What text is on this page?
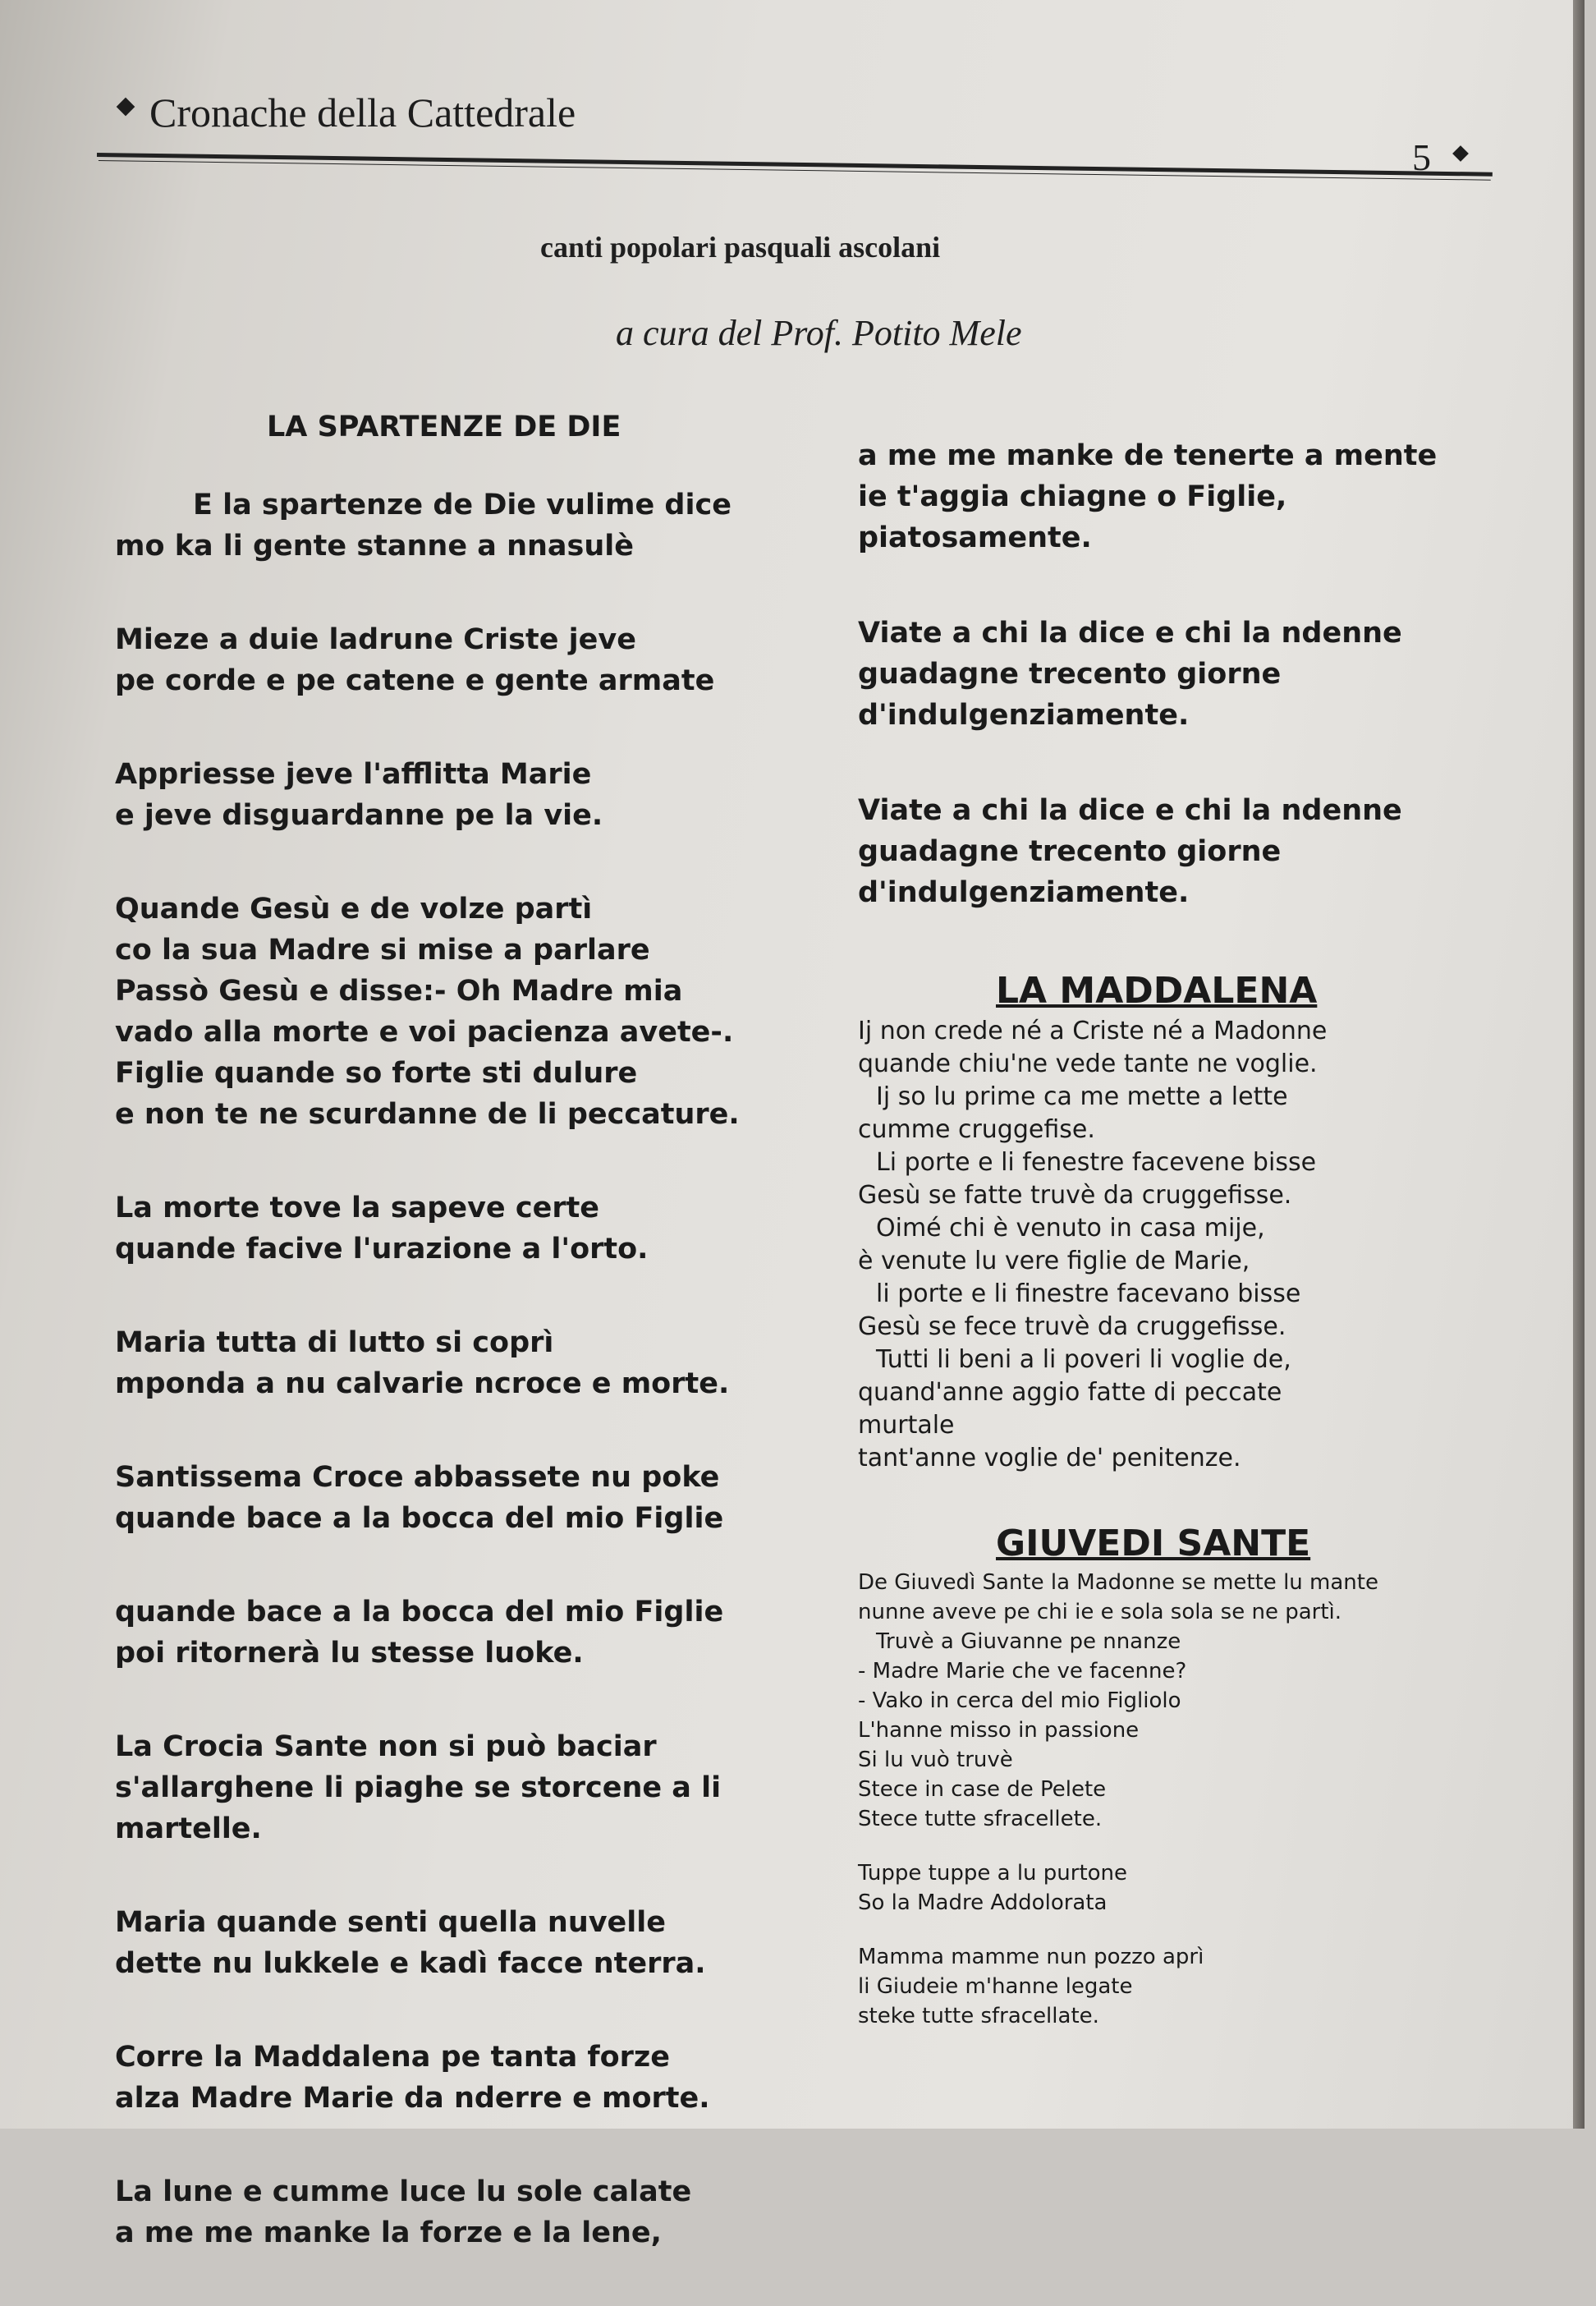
Cronache della Cattedrale
5
canti popolari pasquali ascolani
a cura del Prof. Potito Mele
LA SPARTENZE DE DIE
E la spartenze de Die vulime dice
mo ka li gente stanne a nnasulè
Mieze a duie ladrune Criste jeve
pe corde e pe catene e gente armate
Appriesse jeve l'afflitta Marie
e jeve disguardanne pe la vie.
Quande Gesù e de volze partì
co la sua Madre si mise a parlare
Passò Gesù e disse:- Oh Madre mia
vado alla morte e voi pacienza avete-.
Figlie quande so forte sti dulure
e non te ne scurdanne de li peccature.
La morte tove la sapeve certe
quande facive l'urazione a l'orto.
Maria tutta di lutto si coprì
mponda a nu calvarie ncroce e morte.
Santissema Croce abbassete nu poke
quande bace a la bocca del mio Figlie
quande bace a la bocca del mio Figlie
poi ritornerà lu stesse luoke.
La Crocia Sante non si può baciar
s'allarghene li piaghe se storcene a li
martelle.
Maria quande senti quella nuvelle
dette nu lukkele e kadì facce nterra.
Corre la Maddalena pe tanta forze
alza Madre Marie da nderre e morte.
La lune e cumme luce lu sole calate
a me me manke la forze e la lene,
a me me manke de tenerte a mente
ie t'aggia chiagne o Figlie,
piatosamente.
Viate a chi la dice e chi la ndenne
guadagne trecento giorne
d'indulgenziamente.
Viate a chi la dice e chi la ndenne
guadagne trecento giorne
d'indulgenziamente.
LA MADDALENA
Ij non crede né a Criste né a Madonne
quande chiu'ne vede tante ne voglie.
Ij so lu prime ca me mette a lette
cumme cruggefise.
Li porte e li fenestre facevene bisse
Gesù se fatte truvè da cruggefisse.
Oimé chi è venuto in casa mije,
è venute lu vere figlie de Marie,
li porte e li finestre facevano bisse
Gesù se fece truvè da cruggefisse.
Tutti li beni a li poveri li voglie de,
quand'anne aggio fatte di peccate
murtale
tant'anne voglie de' penitenze.
GIUVEDI SANTE
De Giuvedì Sante la Madonne se mette lu mante
nunne aveve pe chi ie e sola sola se ne partì.
Truvè a Giuvanne pe nnanze
- Madre Marie che ve facenne?
- Vako in cerca del mio Figliolo
L'hanne misso in passione
Si lu vuò truvè
Stece in case de Pelete
Stece tutte sfracellete.
Tuppe tuppe a lu purtone
So la Madre Addolorata
Mamma mamme nun pozzo aprì
li Giudeie m'hanne legate
steke tutte sfracellate.
